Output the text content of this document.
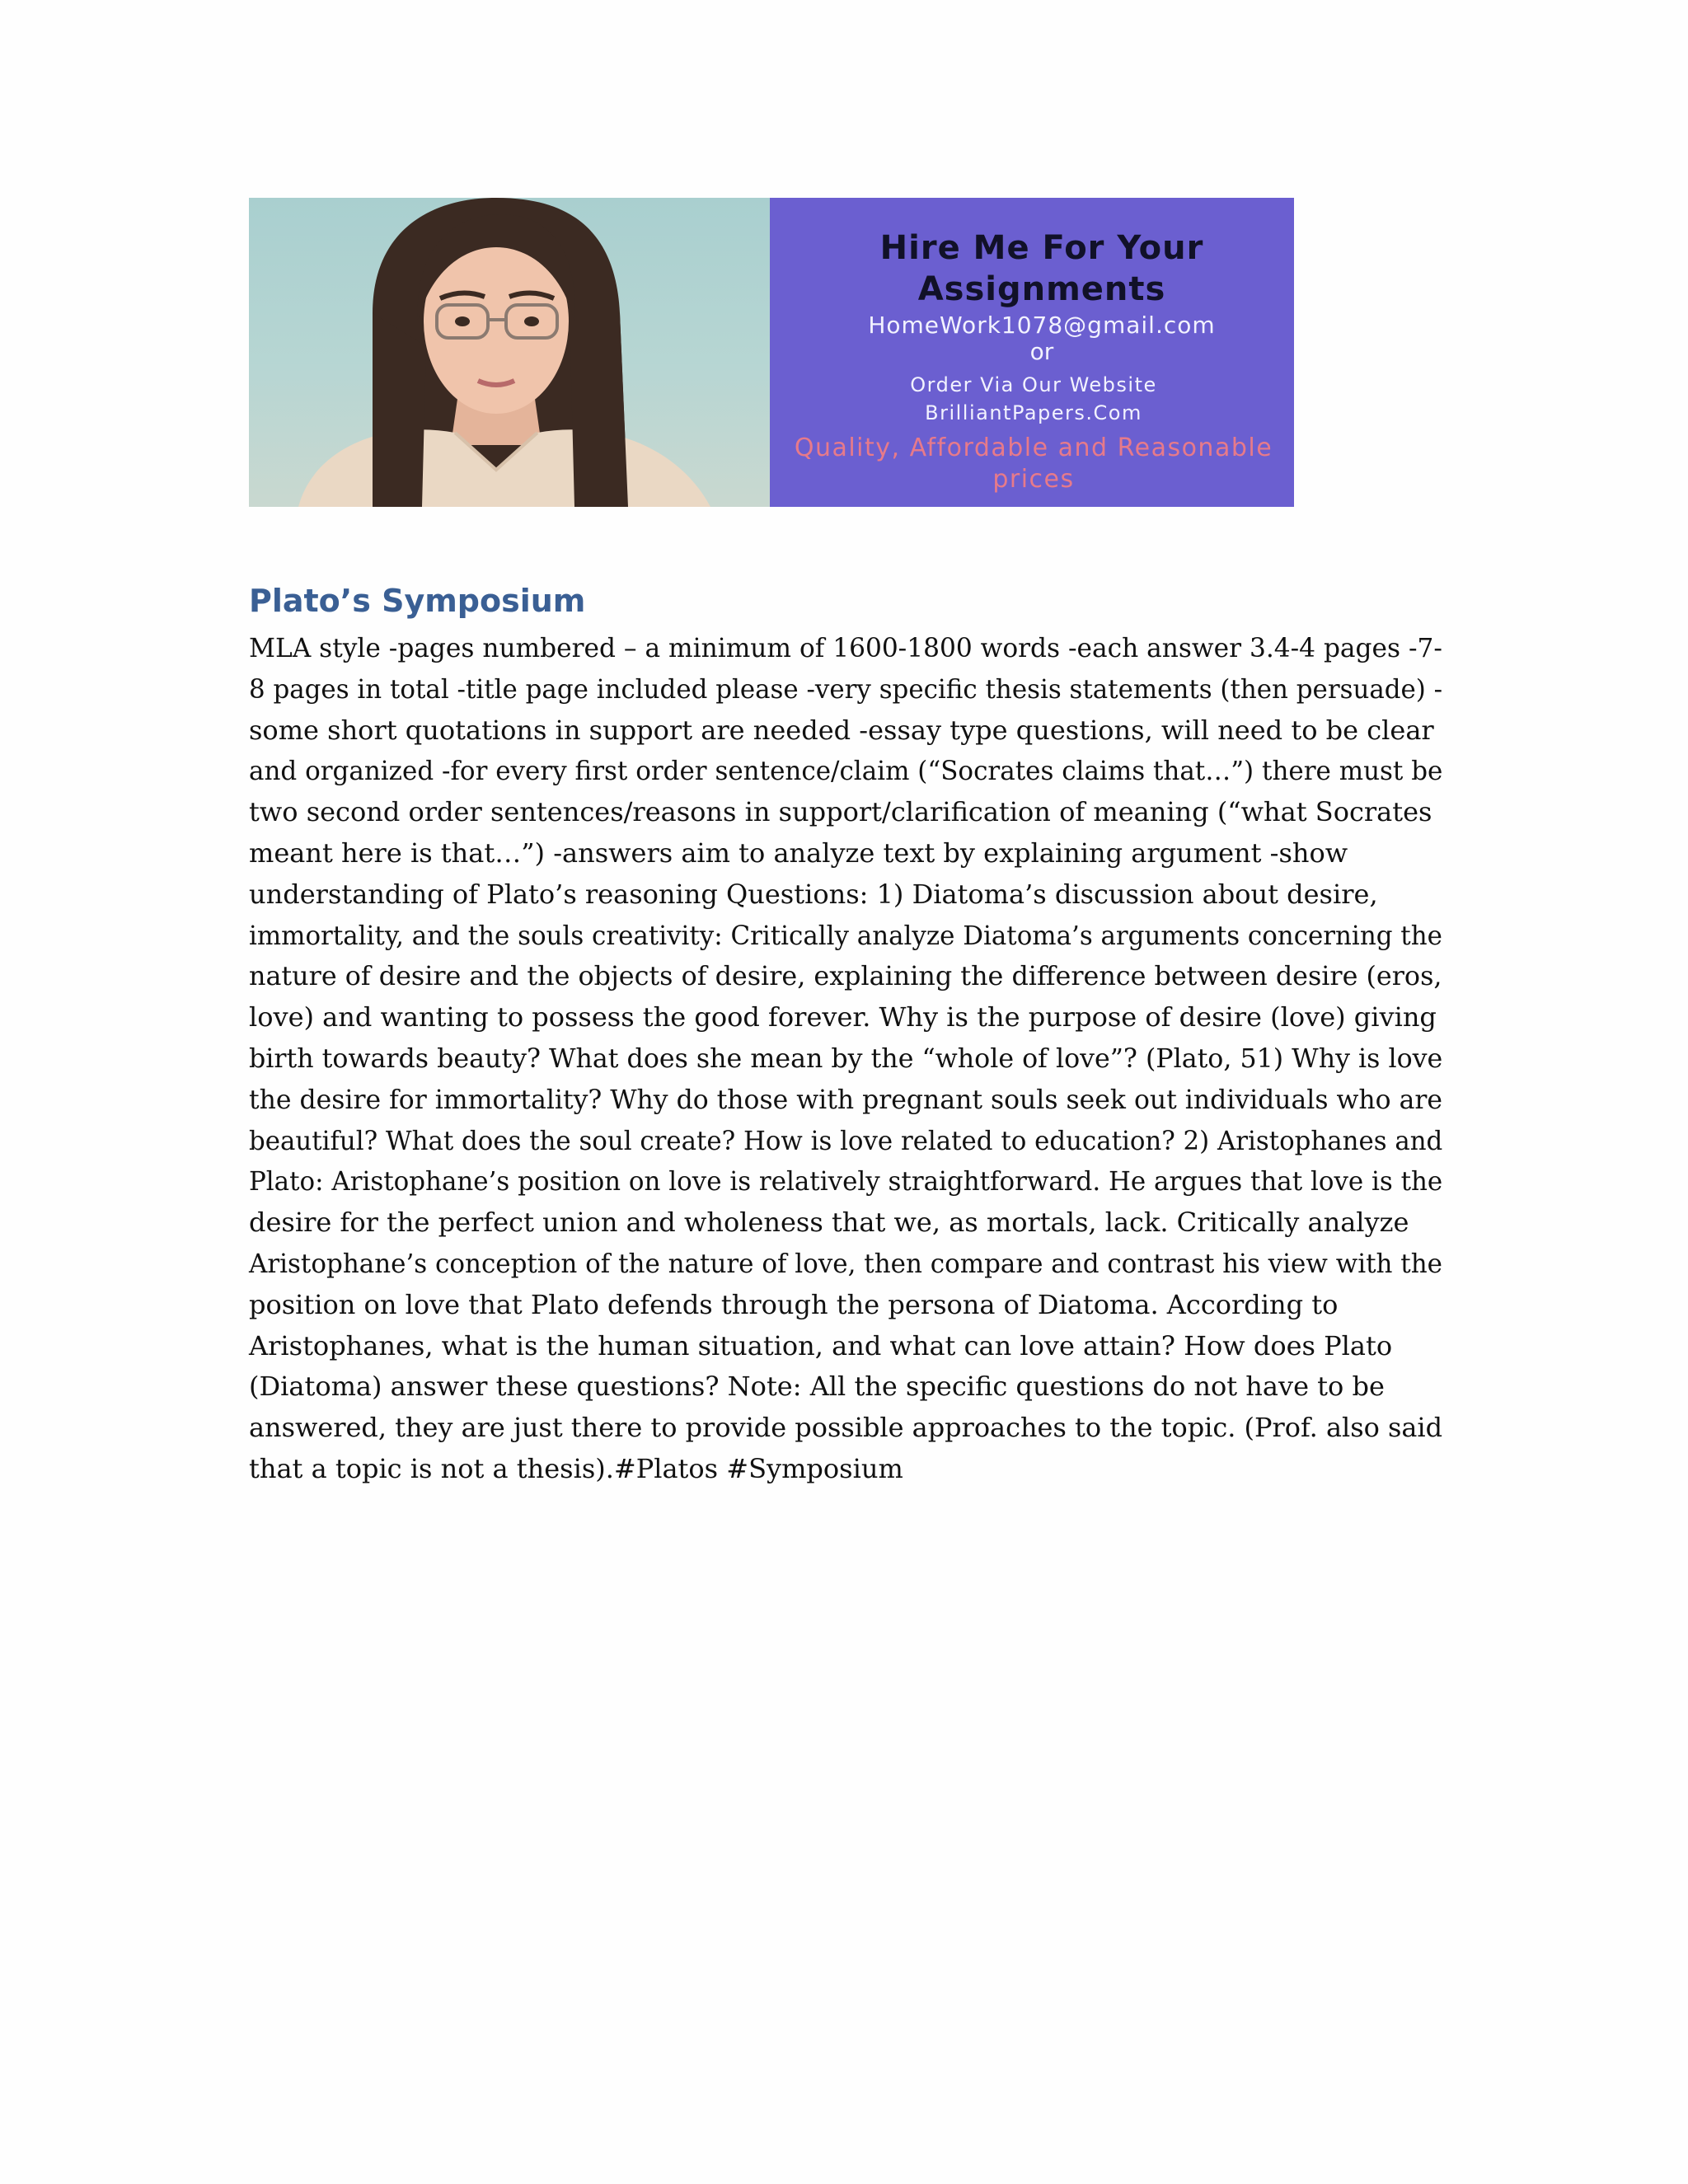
Hire Me For Your Assignments
HomeWork1078@gmail.com
or
Order Via Our Website
BrilliantPapers.Com
Quality, Affordable and Reasonable prices
Plato’s Symposium

MLA style -pages numbered – a minimum of 1600-1800 words -each answer 3.4-4 pages -7-
8 pages in total -title page included please -very specific thesis statements (then persuade) -
some short quotations in support are needed -essay type questions, will need to be clear
and organized -for every first order sentence/claim (“Socrates claims that…”) there must be
two second order sentences/reasons in support/clarification of meaning (“what Socrates
meant here is that…”) -answers aim to analyze text by explaining argument -show
understanding of Plato’s reasoning Questions: 1) Diatoma’s discussion about desire,
immortality, and the souls creativity: Critically analyze Diatoma’s arguments concerning the
nature of desire and the objects of desire, explaining the difference between desire (eros,
love) and wanting to possess the good forever. Why is the purpose of desire (love) giving
birth towards beauty? What does she mean by the “whole of love”? (Plato, 51) Why is love
the desire for immortality? Why do those with pregnant souls seek out individuals who are
beautiful? What does the soul create? How is love related to education? 2) Aristophanes and
Plato: Aristophane’s position on love is relatively straightforward. He argues that love is the
desire for the perfect union and wholeness that we, as mortals, lack. Critically analyze
Aristophane’s conception of the nature of love, then compare and contrast his view with the
position on love that Plato defends through the persona of Diatoma. According to
Aristophanes, what is the human situation, and what can love attain? How does Plato
(Diatoma) answer these questions? Note: All the specific questions do not have to be
answered, they are just there to provide possible approaches to the topic. (Prof. also said
that a topic is not a thesis).#Platos #Symposium
